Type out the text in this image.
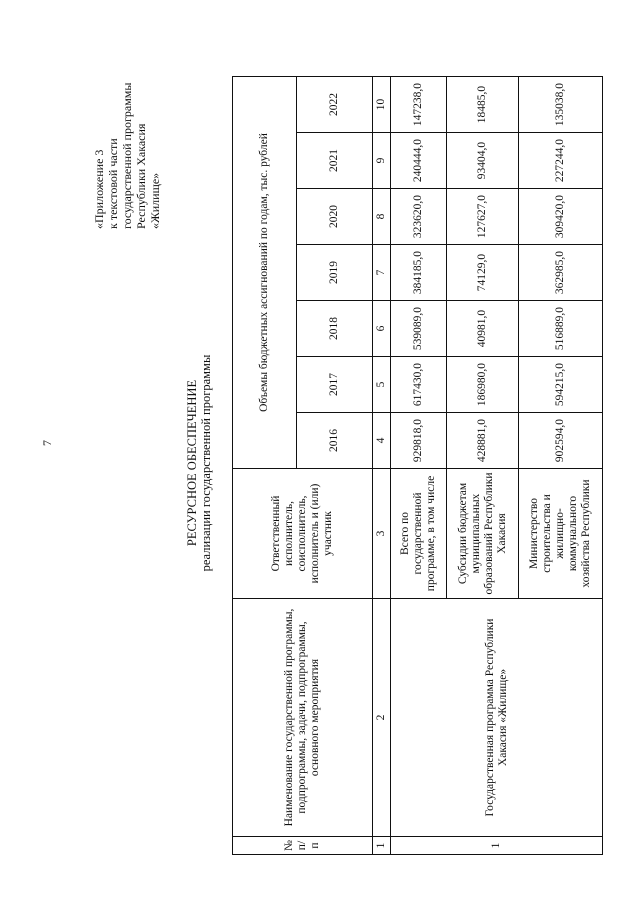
7
«Приложение 3 к текстовой части государственной программы Республики Хакасия «Жилище»
РЕСУРСНОЕ ОБЕСПЕЧЕНИЕ реализации государственной программы
№ п/п	Наименование государственной программы, подпрограммы, задачи, подпрограммы, основного мероприятия	Ответственный исполнитель, соисполнитель, исполнитель и (или) участник	Объемы бюджетных ассигнований по годам, тыс. рублей						
			2016	2017	2018	2019	2020	2021	2022
1	2	3	4	5	6	7	8	9	10
1	Государственная программа Республики Хакасия «Жилище»	Всего по государственной программе, в том числе	929818,0	617430,0	539089,0	384185,0	323620,0	240444,0	147238,0
		Субсидии бюджетам муниципальных образований Республики Хакасия	428881,0	186980,0	40981,0	74129,0	127627,0	93404,0	18485,0
		Министерство строительства и жилищно-коммунального хозяйства Республики	902594,0	594215,0	516889,0	362985,0	309420,0	227244,0	135038,0
